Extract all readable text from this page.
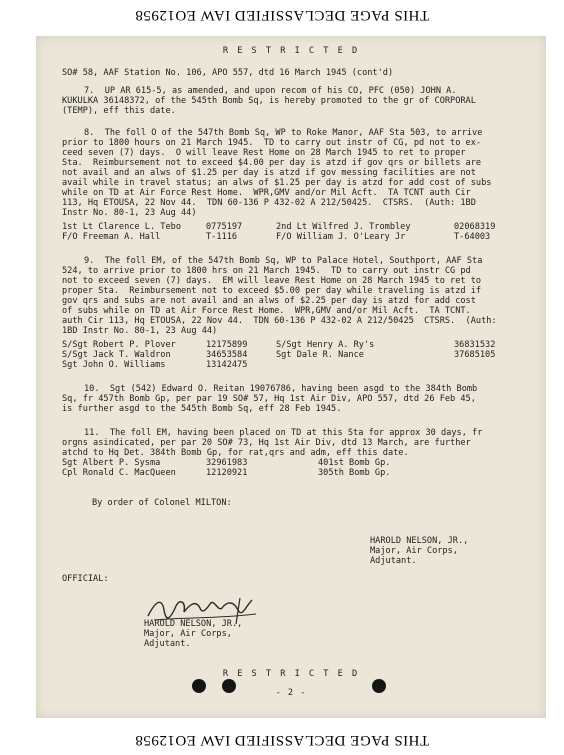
THIS PAGE DECLASSIFIED IAW EO12958
R E S T R I C T E D
SO# 58, AAF Station No. 106, APO 557, dtd 16 March 1945 (cont'd)
7.  UP AR 615-5, as amended, and upon recom of his CO, PFC (050) JOHN A.
KUKULKA 36148372, of the 545th Bomb Sq, is hereby promoted to the gr of CORPORAL
(TEMP), eff this date.
8.  The foll O of the 547th Bomb Sq, WP to Roke Manor, AAF Sta 503, to arrive
prior to 1800 hours on 21 March 1945.  TD to carry out instr of CG, pd not to ex-
ceed seven (7) days.  O will leave Rest Home on 28 March 1945 to ret to proper
Sta.  Reimbursement not to exceed $4.00 per day is atzd if gov qrs or billets are
not avail and an alws of $1.25 per day is atzd if gov messing facilities are not
avail while in travel status; an alws of $1.25 per day is atzd for add cost of subs
while on TD at Air Force Rest Home.  WPR,GMV and/or Mil Acft.  TA TCNT auth Cir
113, Hq ETOUSA, 22 Nov 44.  TDN 60-136 P 432-02 A 212/50425.  CTSRS.  (Auth: 1BD
Instr No. 80-1, 23 Aug 44)
1st Lt Clarence L. Tebo	0775197	2nd Lt Wilfred J. Trombley	02068319
F/O Freeman A. Hall	T-1116	F/O William J. O'Leary Jr	T-64003
9.  The foll EM, of the 547th Bomb Sq, WP to Palace Hotel, Southport, AAF Sta
524, to arrive prior to 1800 hrs on 21 March 1945.  TD to carry out instr CG pd
not to exceed seven (7) days.  EM will leave Rest Home on 28 March 1945 to ret to
proper Sta.  Reimbursement not to exceed $5.00 per day while traveling is atzd if
gov qrs and subs are not avail and an alws of $2.25 per day is atzd for add cost
of subs while on TD at Air Force Rest Home.  WPR,GMV and/or Mil Acft.  TA TCNT.
auth Cir 113, Hq ETOUSA, 22 Nov 44.  TDN 60-136 P 432-02 A 212/50425  CTSRS.  (Auth:
1BD Instr No. 80-1, 23 Aug 44)
S/Sgt Robert P. Plover	12175899	S/Sgt Henry A. Ry's	36831532
S/Sgt Jack T. Waldron	34653584	Sgt Dale R. Nance	37685105
Sgt John O. Williams	13142475
10.  Sgt (542) Edward O. Reitan 19076786, having been asgd to the 384th Bomb
Sq, fr 457th Bomb Gp, per par 19 SO# 57, Hq 1st Air Div, APO 557, dtd 26 Feb 45,
is further asgd to the 545th Bomb Sq, eff 28 Feb 1945.
11.  The foll EM, having been placed on TD at this Sta for approx 30 days, fr
orgns asindicated, per par 20 SO# 73, Hq 1st Air Div, dtd 13 March, are further
atchd to Hq Det. 384th Bomb Gp, for rat,qrs and adm, eff this date.
Sgt Albert P. Sysma	32961983	401st Bomb Gp.
Cpl Ronald C. MacQueen	12120921	305th Bomb Gp.
By order of Colonel MILTON:
HAROLD NELSON, JR.,
Major, Air Corps,
Adjutant.
OFFICIAL:
HAROLD NELSON, JR.,
Major, Air Corps,
Adjutant.
R E S T R I C T E D
- 2 -
THIS PAGE DECLASSIFIED IAW EO12958
